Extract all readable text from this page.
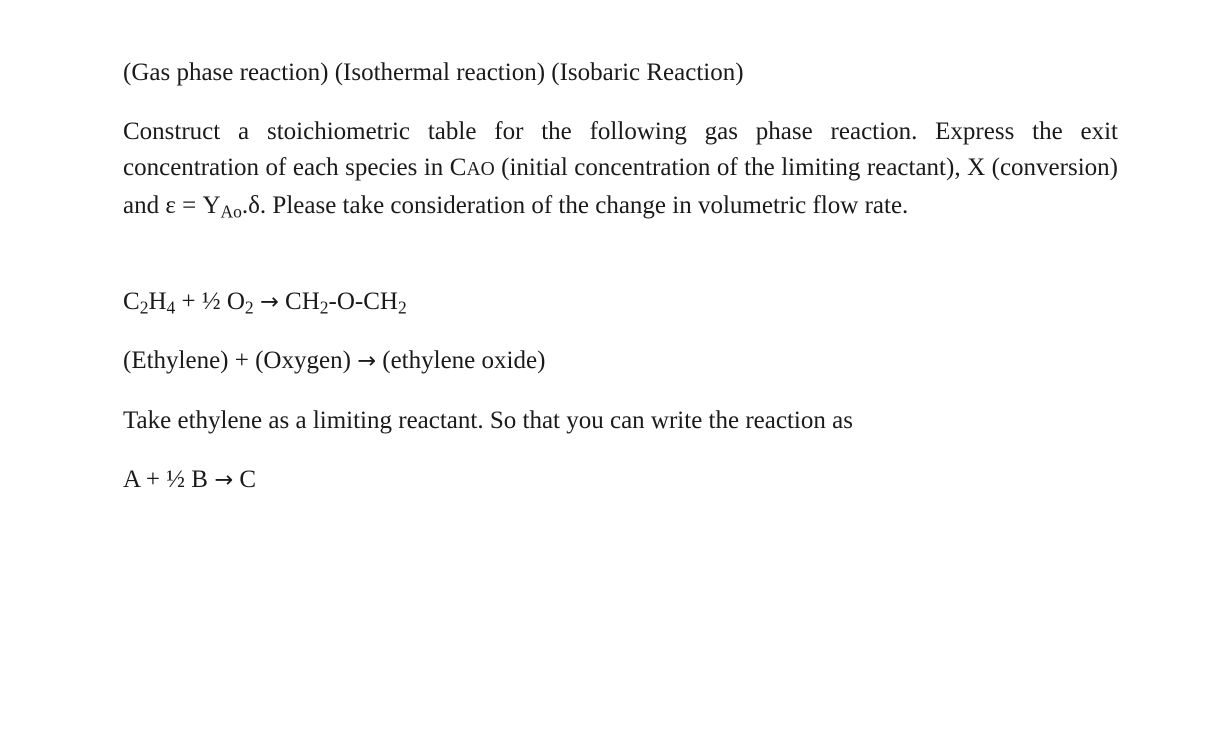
(Gas phase reaction) (Isothermal reaction) (Isobaric Reaction)
Construct a stoichiometric table for the following gas phase reaction. Express the exit concentration of each species in CAO (initial concentration of the limiting reactant), X (conversion) and $\varepsilon = Y_{Ao}.\delta$. Please take consideration of the change in volumetric flow rate.
$C_2H_4$ + ½ $O_2 \to CH_2-O-CH_2$
(Ethylene) + (Oxygen) → (ethylene oxide)
Take ethylene as a limiting reactant. So that you can write the reaction as
A + ½ B → C
